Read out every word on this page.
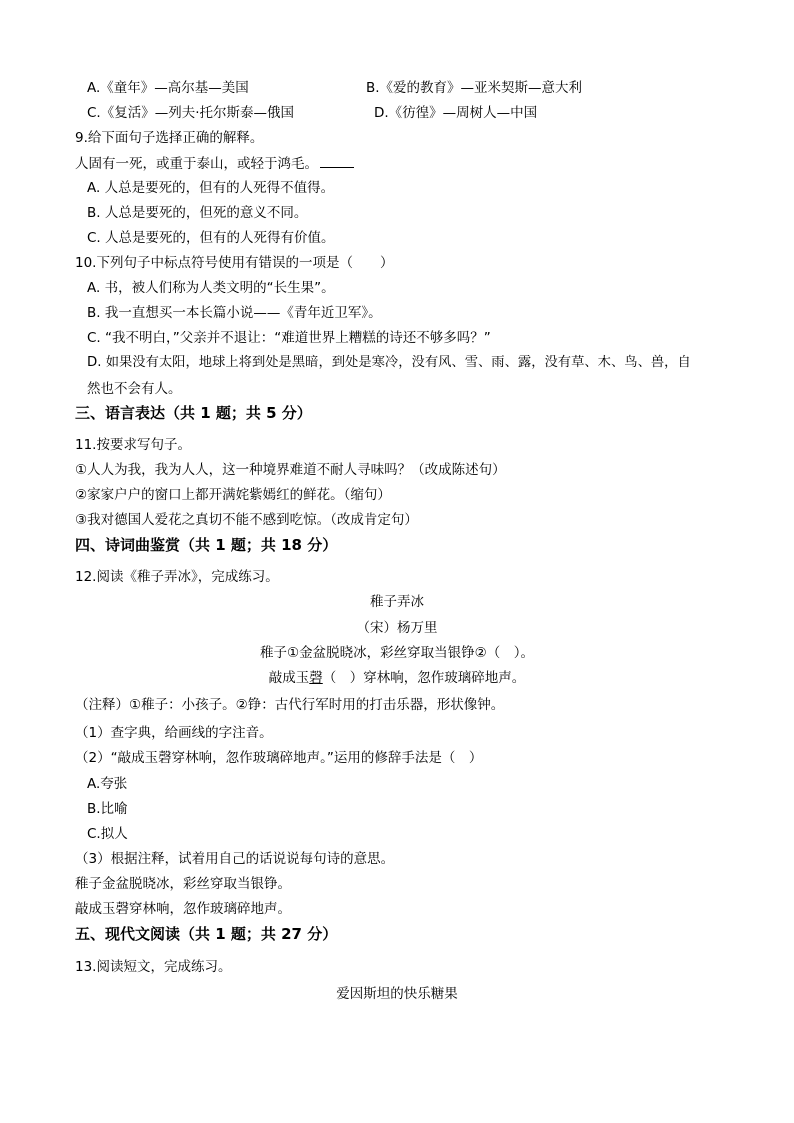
A.《童年》—高尔基—美国	B.《爱的教育》—亚米契斯—意大利
C.《复活》—列夫·托尔斯泰—俄国	D.《彷徨》—周树人—中国
9.给下面句子选择正确的解释。
人固有一死，或重于泰山，或轻于鸿毛。
A. 人总是要死的，但有的人死得不值得。
B. 人总是要死的，但死的意义不同。
C. 人总是要死的，但有的人死得有价值。
10.下列句子中标点符号使用有错误的一项是（　　）
A. 书，被人们称为人类文明的“长生果”。
B. 我一直想买一本长篇小说——《青年近卫军》。
C. “我不明白，”父亲并不退让：“难道世界上糟糕的诗还不够多吗？”
D. 如果没有太阳，地球上将到处是黑暗，到处是寒冷，没有风、雪、雨、露，没有草、木、鸟、兽，自
然也不会有人。
三、语言表达（共 1 题；共 5 分）
11.按要求写句子。
①人人为我，我为人人，这一种境界难道不耐人寻味吗？（改成陈述句）
②家家户户的窗口上都开满姹紫嫣红的鲜花。（缩句）
③我对德国人爱花之真切不能不感到吃惊。（改成肯定句）
四、诗词曲鉴赏（共 1 题；共 18 分）
12.阅读《稚子弄冰》，完成练习。
稚子弄冰
（宋）杨万里
稚子①金盆脱晓冰，彩丝穿取当银铮②（　）。
敲成玉磬（　）穿林响，忽作玻璃碎地声。
（注释）①稚子：小孩子。②铮：古代行军时用的打击乐器，形状像钟。
（1）查字典，给画线的字注音。
（2）“敲成玉磬穿林响，忽作玻璃碎地声。”运用的修辞手法是（　）
A.夸张
B.比喻
C.拟人
（3）根据注释，试着用自己的话说说每句诗的意思。
稚子金盆脱晓冰，彩丝穿取当银铮。
敲成玉磬穿林响，忽作玻璃碎地声。
五、现代文阅读（共 1 题；共 27 分）
13.阅读短文，完成练习。
爱因斯坦的快乐糖果
